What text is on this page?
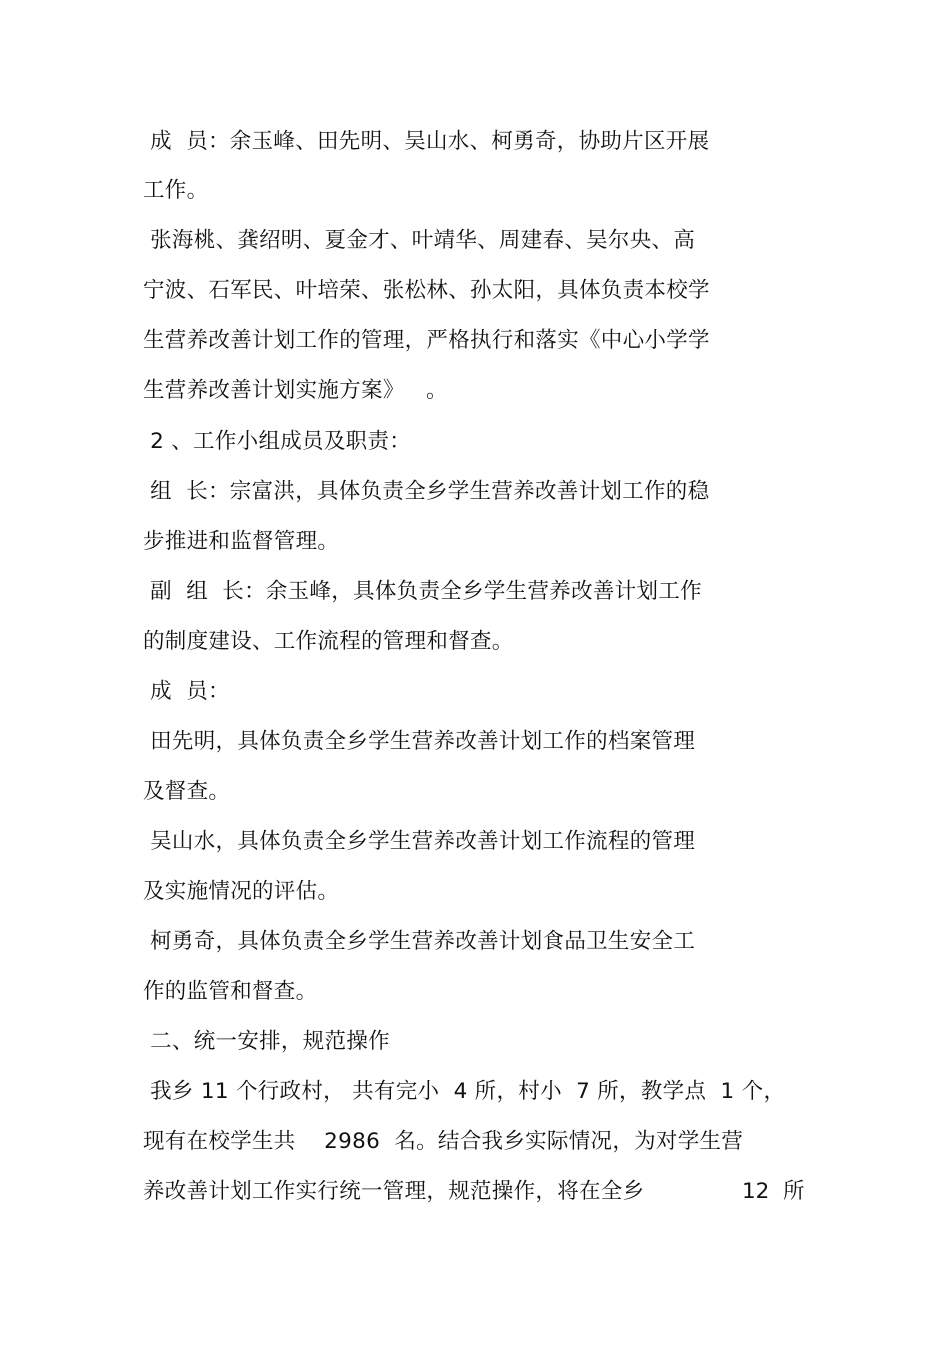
成  员：余玉峰、田先明、吴山水、柯勇奇，协助片区开展
工作。
张海桃、龚绍明、夏金才、叶靖华、周建春、吴尔央、高
宁波、石军民、叶培荣、张松林、孙太阳，具体负责本校学
生营养改善计划工作的管理，严格执行和落实《中心小学学
生营养改善计划实施方案》   。
2 、工作小组成员及职责：
组  长：宗富洪，具体负责全乡学生营养改善计划工作的稳
步推进和监督管理。
副  组  长：余玉峰，具体负责全乡学生营养改善计划工作
的制度建设、工作流程的管理和督查。
成  员：
田先明，具体负责全乡学生营养改善计划工作的档案管理
及督查。
吴山水，具体负责全乡学生营养改善计划工作流程的管理
及实施情况的评估。
柯勇奇，具体负责全乡学生营养改善计划食品卫生安全工
作的监管和督查。
二、统一安排，规范操作
我乡 11 个行政村， 共有完小  4 所，村小  7 所，教学点  1 个，
现有在校学生共    2986  名。结合我乡实际情况，为对学生营
养改善计划工作实行统一管理，规范操作，将在全乡	12  所
